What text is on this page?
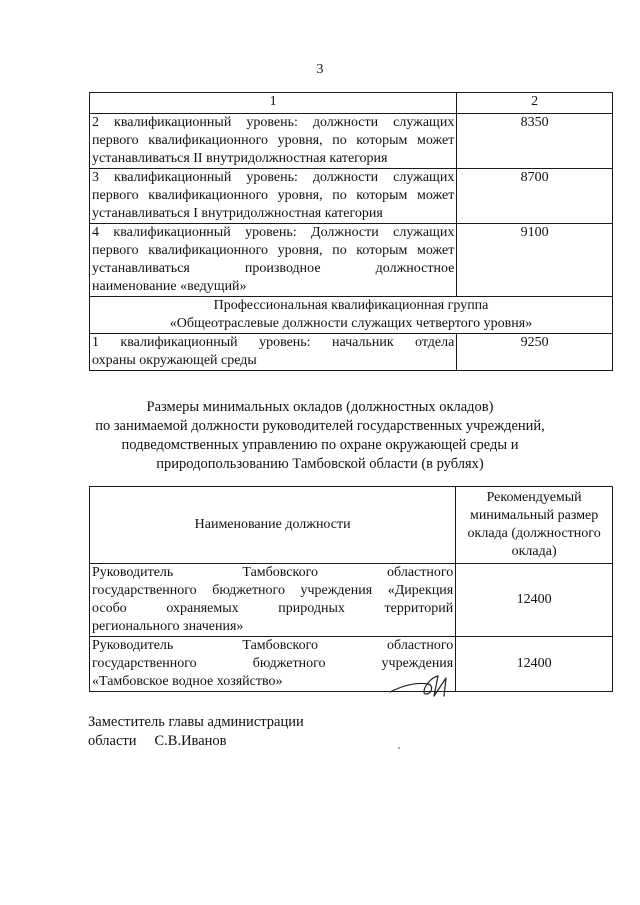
3
1	2

2 квалификационный уровень: должности служащих
первого квалификационного уровня, по которым может
устанавливаться II внутридолжностная категория	8350

3 квалификационный уровень: должности служащих
первого квалификационного уровня, по которым может
устанавливаться I внутридолжностная категория	8700

4 квалификационный уровень: Должности служащих
первого квалификационного уровня, по которым может
устанавливаться производное должностное
наименование «ведущий»	9100

Профессиональная квалификационная группа
«Общеотраслевые должности служащих четвертого уровня»	

1 квалификационный уровень: начальник отдела
охраны окружающей среды	9250
Размеры минимальных окладов (должностных окладов)
по занимаемой должности руководителей государственных учреждений,
подведомственных управлению по охране окружающей среды и
природопользованию Тамбовской области (в рублях)
Наименование должности	Рекомендуемый
минимальный размер
оклада (должностного
оклада)

Руководитель Тамбовского областного
государственного бюджетного учреждения «Дирекция
особо охраняемых природных территорий
регионального значения»	12400

Руководитель Тамбовского областного
государственного бюджетного учреждения
«Тамбовское водное хозяйство»	12400
Заместитель главы администрации
области С.В.Иванов
